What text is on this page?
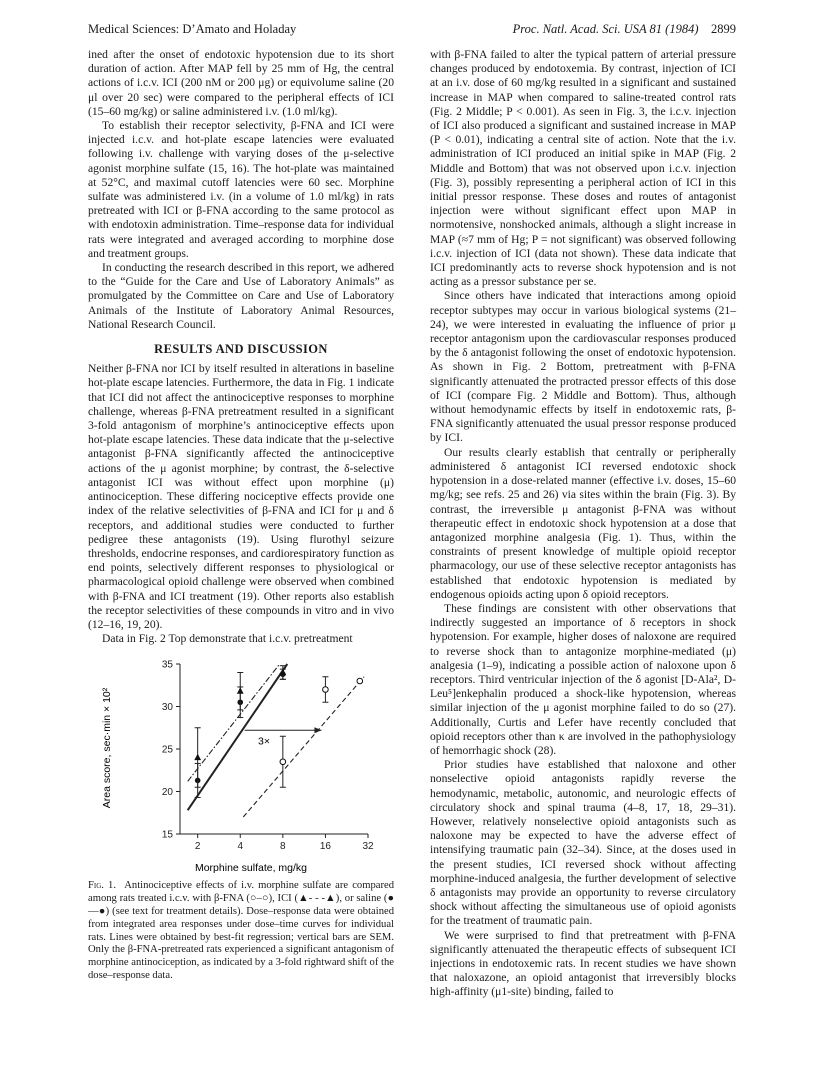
Medical Sciences: D’Amato and Holaday	Proc. Natl. Acad. Sci. USA 81 (1984) 2899

ined after the onset of endotoxic hypotension due to its short duration of action. After MAP fell by 25 mm of Hg, the central actions of i.c.v. ICI (200 nM or 200 μg) or equivolume saline (20 μl over 20 sec) were compared to the peripheral effects of ICI (15–60 mg/kg) or saline administered i.v. (1.0 ml/kg).

To establish their receptor selectivity, β-FNA and ICI were injected i.c.v. and hot-plate escape latencies were evaluated following i.v. challenge with varying doses of the μ-selective agonist morphine sulfate (15, 16). The hot-plate was maintained at 52°C, and maximal cutoff latencies were 60 sec. Morphine sulfate was administered i.v. (in a volume of 1.0 ml/kg) in rats pretreated with ICI or β-FNA according to the same protocol as with endotoxin administration. Time–response data for individual rats were integrated and averaged according to morphine dose and treatment groups.

In conducting the research described in this report, we adhered to the “Guide for the Care and Use of Laboratory Animals” as promulgated by the Committee on Care and Use of Laboratory Animals of the Institute of Laboratory Animal Resources, National Research Council.

RESULTS AND DISCUSSION

Neither β-FNA nor ICI by itself resulted in alterations in baseline hot-plate escape latencies. Furthermore, the data in Fig. 1 indicate that ICI did not affect the antinociceptive responses to morphine challenge, whereas β-FNA pretreatment resulted in a significant 3-fold antagonism of morphine’s antinociceptive effects upon hot-plate escape latencies. These data indicate that the μ-selective antagonist β-FNA significantly affected the antinociceptive actions of the μ agonist morphine; by contrast, the δ-selective antagonist ICI was without effect upon morphine (μ) antinociception. These differing nociceptive effects provide one index of the relative selectivities of β-FNA and ICI for μ and δ receptors, and additional studies were conducted to further pedigree these antagonists (19). Using flurothyl seizure thresholds, endocrine responses, and cardiorespiratory function as end points, selectively different responses to physiological or pharmacological opioid challenge were observed when combined with β-FNA and ICI treatment (19). Other reports also establish the receptor selectivities of these compounds in vitro and in vivo (12–16, 19, 20).

Data in Fig. 2 Top demonstrate that i.c.v. pretreatment

15
20
25
30
35
2	4	8	16	32
Morphine sulfate, mg/kg
Area score, sec·min × 10²	3×

Fig. 1. Antinociceptive effects of i.v. morphine sulfate are compared among rats treated i.c.v. with β-FNA (○–○), ICI (▲- - -▲), or saline (●—●) (see text for treatment details). Dose–response data were obtained from integrated area responses under dose–time curves for individual rats. Lines were obtained by best-fit regression; vertical bars are SEM. Only the β-FNA-pretreated rats experienced a significant antagonism of morphine antinociception, as indicated by a 3-fold rightward shift of the dose–response data.

with β-FNA failed to alter the typical pattern of arterial pressure changes produced by endotoxemia. By contrast, injection of ICI at an i.v. dose of 60 mg/kg resulted in a significant and sustained increase in MAP when compared to saline-treated control rats (Fig. 2 Middle; P < 0.001). As seen in Fig. 3, the i.c.v. injection of ICI also produced a significant and sustained increase in MAP (P < 0.01), indicating a central site of action. Note that the i.v. administration of ICI produced an initial spike in MAP (Fig. 2 Middle and Bottom) that was not observed upon i.c.v. injection (Fig. 3), possibly representing a peripheral action of ICI in this initial pressor response. These doses and routes of antagonist injection were without significant effect upon MAP in normotensive, nonshocked animals, although a slight increase in MAP (≈7 mm of Hg; P = not significant) was observed following i.c.v. injection of ICI (data not shown). These data indicate that ICI predominantly acts to reverse shock hypotension and is not acting as a pressor substance per se.

Since others have indicated that interactions among opioid receptor subtypes may occur in various biological systems (21–24), we were interested in evaluating the influence of prior μ receptor antagonism upon the cardiovascular responses produced by the δ antagonist following the onset of endotoxic hypotension. As shown in Fig. 2 Bottom, pretreatment with β-FNA significantly attenuated the protracted pressor effects of this dose of ICI (compare Fig. 2 Middle and Bottom). Thus, although without hemodynamic effects by itself in endotoxemic rats, β-FNA significantly attenuated the usual pressor response produced by ICI.

Our results clearly establish that centrally or peripherally administered δ antagonist ICI reversed endotoxic shock hypotension in a dose-related manner (effective i.v. doses, 15–60 mg/kg; see refs. 25 and 26) via sites within the brain (Fig. 3). By contrast, the irreversible μ antagonist β-FNA was without therapeutic effect in endotoxic shock hypotension at a dose that antagonized morphine analgesia (Fig. 1). Thus, within the constraints of present knowledge of multiple opioid receptor pharmacology, our use of these selective receptor antagonists has established that endotoxic hypotension is mediated by endogenous opioids acting upon δ opioid receptors.

These findings are consistent with other observations that indirectly suggested an importance of δ receptors in shock hypotension. For example, higher doses of naloxone are required to reverse shock than to antagonize morphine-mediated (μ) analgesia (1–9), indicating a possible action of naloxone upon δ receptors. Third ventricular injection of the δ agonist [D-Ala², D-Leu⁵]enkephalin produced a shock-like hypotension, whereas similar injection of the μ agonist morphine failed to do so (27). Additionally, Curtis and Lefer have recently concluded that opioid receptors other than κ are involved in the pathophysiology of hemorrhagic shock (28).

Prior studies have established that naloxone and other nonselective opioid antagonists rapidly reverse the hemodynamic, metabolic, autonomic, and neurologic effects of circulatory shock and spinal trauma (4–8, 17, 18, 29–31). However, relatively nonselective opioid antagonists such as naloxone may be expected to have the adverse effect of intensifying traumatic pain (32–34). Since, at the doses used in the present studies, ICI reversed shock without affecting morphine-induced analgesia, the further development of selective δ antagonists may provide an opportunity to reverse circulatory shock without affecting the simultaneous use of opioid agonists for the treatment of traumatic pain.

We were surprised to find that pretreatment with β-FNA significantly attenuated the therapeutic effects of subsequent ICI injections in endotoxemic rats. In recent studies we have shown that naloxazone, an opioid antagonist that irreversibly blocks high-affinity (μ1-site) binding, failed to
